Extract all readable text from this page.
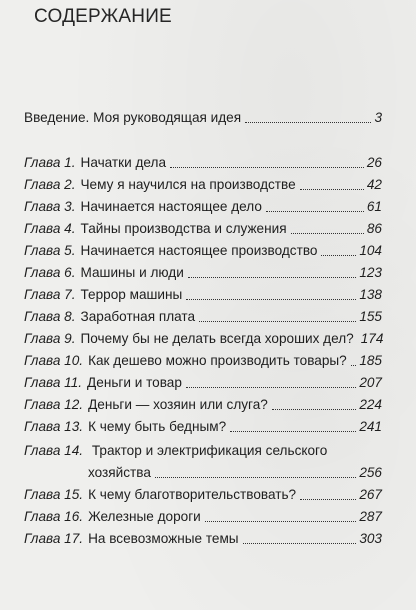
СОДЕРЖАНИЕ
Введение. Моя руководящая идея	3
Глава 1. Начатки дела	26
Глава 2. Чему я научился на производстве	42
Глава 3. Начинается настоящее дело	61
Глава 4. Тайны производства и служения	86
Глава 5. Начинается настоящее производство	104
Глава 6. Машины и люди	123
Глава 7. Террор машины	138
Глава 8. Заработная плата	155
Глава 9. Почему бы не делать всегда хороших дел? 174
Глава 10. Как дешево можно производить товары? 185
Глава 11. Деньги и товар	207
Глава 12. Деньги — хозяин или слуга?	224
Глава 13. К чему быть бедным?	241
Глава 14. Трактор и электрификация сельского
хозяйства	256
Глава 15. К чему благотворительствовать?	267
Глава 16. Железные дороги	287
Глава 17. На всевозможные темы	303
